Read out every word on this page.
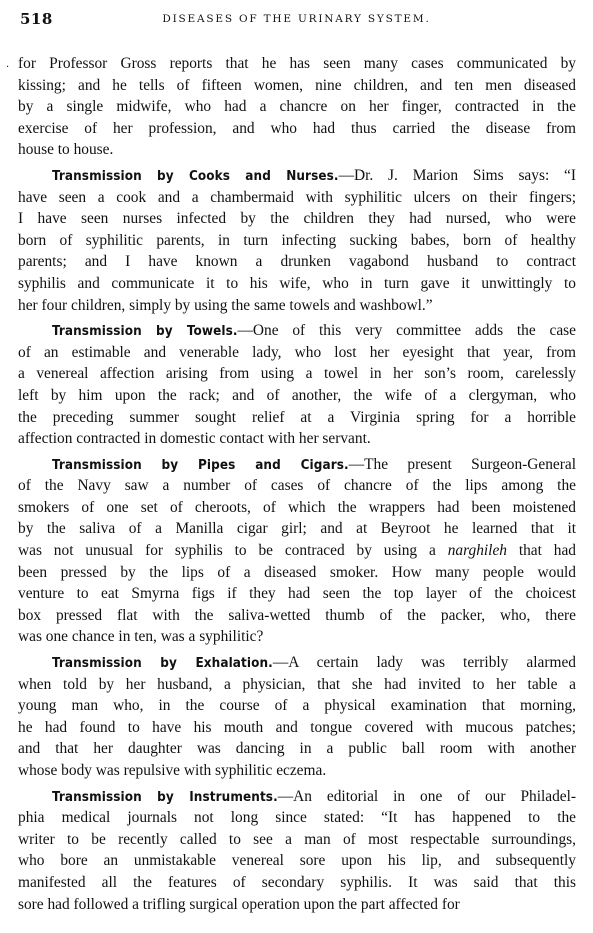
518	DISEASES OF THE URINARY SYSTEM.
· for Professor Gross reports that he has seen many cases communicated by
kissing; and he tells of fifteen women, nine children, and ten men diseased
by a single midwife, who had a chancre on her finger, contracted in the
exercise of her profession, and who had thus carried the disease from
house to house.
Transmission by Cooks and Nurses.—Dr. J. Marion Sims says: “I
have seen a cook and a chambermaid with syphilitic ulcers on their fingers;
I have seen nurses infected by the children they had nursed, who were
born of syphilitic parents, in turn infecting sucking babes, born of healthy
parents; and I have known a drunken vagabond husband to contract
syphilis and communicate it to his wife, who in turn gave it unwittingly to
her four children, simply by using the same towels and washbowl.”
Transmission by Towels.—One of this very committee adds the case
of an estimable and venerable lady, who lost her eyesight that year, from
a venereal affection arising from using a towel in her son’s room, carelessly
left by him upon the rack; and of another, the wife of a clergyman, who
the preceding summer sought relief at a Virginia spring for a horrible
affection contracted in domestic contact with her servant.
Transmission by Pipes and Cigars.—The present Surgeon-General
of the Navy saw a number of cases of chancre of the lips among the
smokers of one set of cheroots, of which the wrappers had been moistened
by the saliva of a Manilla cigar girl; and at Beyroot he learned that it
was not unusual for syphilis to be contraced by using a narghileh that had
been pressed by the lips of a diseased smoker. How many people would
venture to eat Smyrna figs if they had seen the top layer of the choicest
box pressed flat with the saliva-wetted thumb of the packer, who, there
was one chance in ten, was a syphilitic?
Transmission by Exhalation.—A certain lady was terribly alarmed
when told by her husband, a physician, that she had invited to her table a
young man who, in the course of a physical examination that morning,
he had found to have his mouth and tongue covered with mucous patches;
and that her daughter was dancing in a public ball room with another
whose body was repulsive with syphilitic eczema.
Transmission by Instruments.—An editorial in one of our Philadel-
phia medical journals not long since stated: “It has happened to the
writer to be recently called to see a man of most respectable surroundings,
who bore an unmistakable venereal sore upon his lip, and subsequently
manifested all the features of secondary syphilis. It was said that this
sore had followed a trifling surgical operation upon the part affected for
